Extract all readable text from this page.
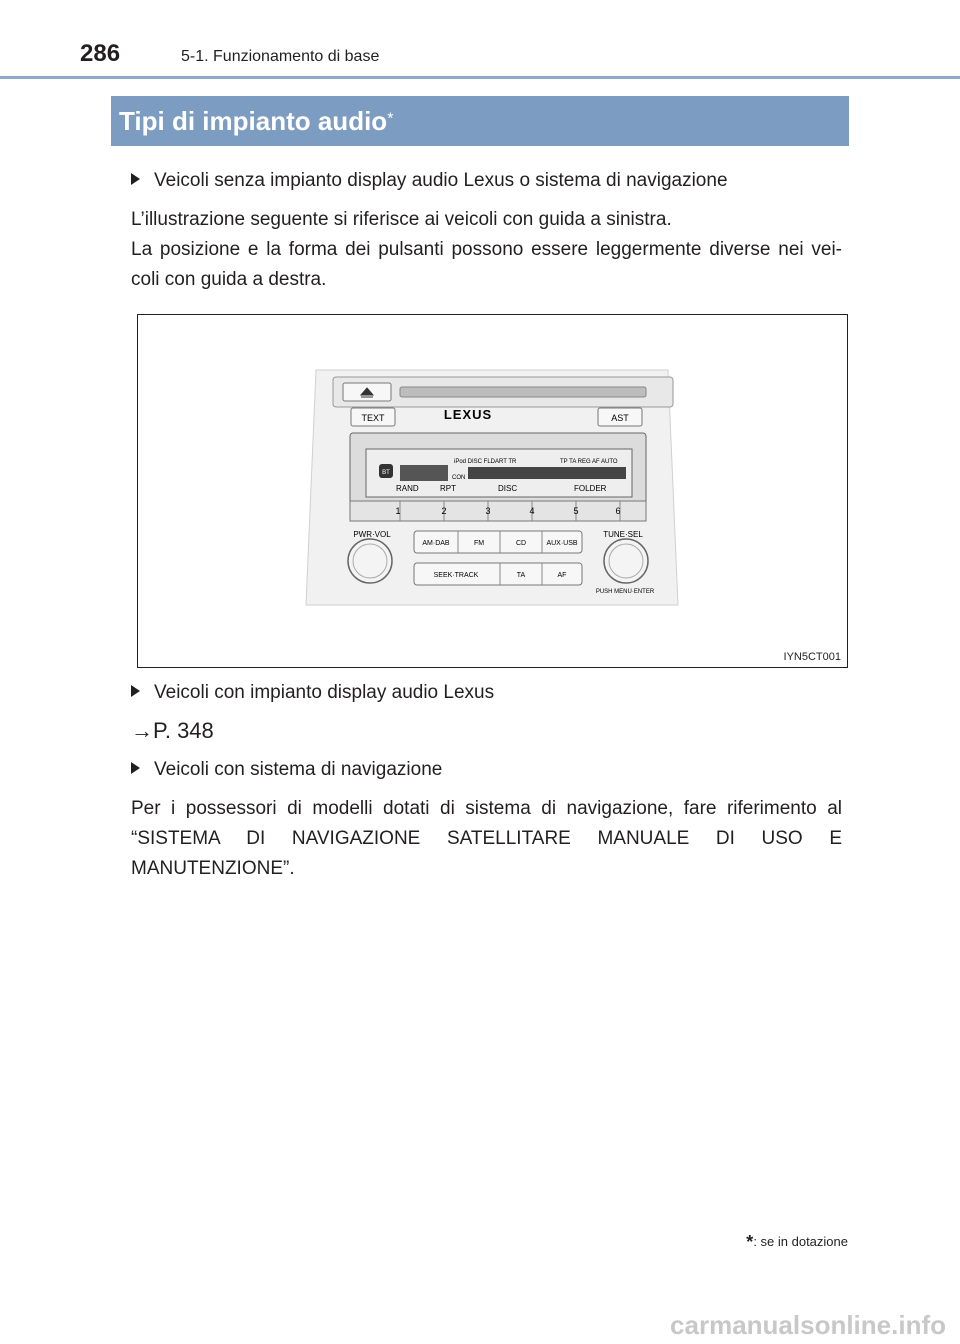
286	5-1. Funzionamento di base
Tipi di impianto audio*
Veicoli senza impianto display audio Lexus o sistema di navigazione
L’illustrazione seguente si riferisce ai veicoli con guida a sinistra.
La posizione e la forma dei pulsanti possono essere leggermente diverse nei vei-
coli con guida a destra.
TEXT	LEXUS	AST
iPod DISC FLDART TR	TP TA REG AF AUTO
BT
CON
RAND	RPT	DISC	FOLDER
1	2	3	4	5	6
PWR·VOL	TUNE·SEL
PUSH MENU·ENTER
AM·DAB	FM	CD	AUX·USB
SEEK·TRACK	TA	AF
IYN5CT001
Veicoli con impianto display audio Lexus
→P. 348
Veicoli con sistema di navigazione
Per i possessori di modelli dotati di sistema di navigazione, fare riferimento al
“SISTEMA DI NAVIGAZIONE SATELLITARE MANUALE DI USO E
MANUTENZIONE”.
*: se in dotazione
carmanualsonline.info
